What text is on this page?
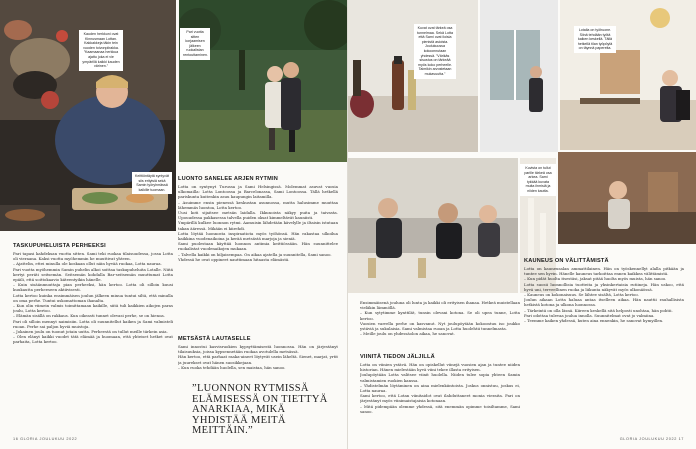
Kauden herkkuni ovat Kinnusmaan Lottan. Kakkakkeja täkin tein vuoden toivonpiirakka. ”Kaamaanaa herkkua ajattu joka ei vie ympärillä kaikki kauden värinen.”
Keittiöntäytä syntyvät siis erityisiä sekä Samin työryhmässä kaikille tuomaan.
Pari vuotta sitten korjaamisen jälkeen ruokalistan rentouttaminen.
TASKUPUHELUISTA PERHEEKSI

Pari tapasi kahdeksan vuotta sitten. Sami teki ruokaa tilaisuudessa, jossa Lotta oli vieraana. Kaksi vuotta myöhemmin he muuttivat yhteen.

– Ajattelin, ettei minulla ole koskaan ollut näin hyvää ruokaa, Lotta nauraa.

Pari vuotta myöhemmin Samin puhelin alkoi soittaa taskupuheluita Lotalle. Niitä kertyi peräti seitsemän. Seitsemän kohdalla Bar-seitsemän muuttumat Lotta epäili, että soittokaavio käteentyikin hänelle.

– Kuin sisäänmuuttaja pian perheeksi, hän kertoo. Lotta oli silloin kuusi kuukautta perheeseen aktiivisesti.

Lotta kertoo kuinka ensimmäisen joulun jälkeen minua tuntui siltä, että minulla on oma perhe. Tuntui uskomattoman ihanalta.

– Kun olin viimein valmis toimittamaan kaikille, siitä tuli kaikkien aikojen paras joulu, Lotta kertoo.

– Elämän sisällä on rakkaus. Kun oikeasti tunnet olevasi perhe, se on hienoa.

Pari oli silloin mennyt naimisiin. Lotta oli suunnitellut kaiken ja Sami valmisteli ruoan. Perhe sai paljon hyviä muistoja.

– Jokainen joulu on tuonut jotain uutta. Perheestä on tullut meille tärkein asia.

– Olen elänyt kaikki vuodet tätä elämää ja huomaan, että yhteiset hetket ovat parhaita, Lotta kertoo.

LUONTO SANELEE ARJEN RYTMIN

Lotta on syntynyt Turussa ja Sami Helsingissä. Molemmat asuvat vuosia ulkomailla: Lotta Lontoossa ja Barcelonassa, Sami Lontoossa. Tällä hetkellä pariskunta kuitenkin asuu kaupungin laitamilla.

– Asuimme ensin pienessä keskustan asunnossa, mutta halusimme muuttaa lähemmäs luontoa, Lotta kertoo.

Uusi koti sijaitsee metsän laidalla. Ikkunoista näkyy puita ja taivasta. Upouudessa pakkasessa talvella puiden oksat kimmeltävät kauniisti.

Ympärillä kulkee luonnon rytmi. Aamuisin lähdetään kävelylle ja iltaisin istutaan takan ääressä. Mikään ei kiirehdi.

Lotta löytää luonnosta inspiraatiota myös työhönsä. Hän rakastaa ulkoilua kaikkina vuodenaikoina ja kerää metsästä marjoja ja sieniä.

Sami puolestaan käyttää luonnon antimia keittiössään. Hän suunnittelee ruokalistat vuodenaikojen mukaan.

– Talvella kaikki on hiljaisempaa. On aikaa ajatella ja suunnitella, Sami sanoo.

Yhdessä he ovat oppineet nauttimaan hitaasta elämästä.

METSÄSTÄ LAUTASELLE

Sami innostui kasvisruokien kypsyttämisestä luonnossa. Hän on järjestänyt tilaisuuksia, joissa kypsennetään ruokaa avotulella metsässä.

Hän kertoo, että parhaat raaka-aineet löytyvät usein läheltä. Sienet, marjat, yrtit ja juurekset ovat hänen suosikkejaan.

– Kun ruoka tehdään huolella, sen maistaa, hän sanoo.

”LUONNON RYTMISSÄ ELÄMISESSÄ ON TIETTYÄ ANARKIAA, MIKÄ YHDISTÄÄ MEITÄ MEITTÄIN.”
16 GLORIA JOULUKUU 2022
Kuvat ovat tärkeä osa tunnelmaa. Sekä Lotta että Sami ovat iloisia pienistä asioista. Joulukuussa kokoonnutaan yhdessä. ”Värikäs sisustus on tärkeää myös koko perheelle. Taimikin arvostetaan mukavuutta.”
Lotalla on työhuone. Siinä tehdään työtä kaiken keskellä. Tällä hetkellä tilan työpöytä on täynnä papereita.
Kuvista on tullut parille tärkeä osa arkea. Sami tykkää kuvata muita ihmisiä ja niiden kautta.

Ensimmäisenä jouluna oli lunta ja kaikki oli erityisen ihanaa. Hetkeä muistellaan vieläkin lämmöllä.

– Kun sytytimme kynttilät, tunsin olevani kotona. Se oli upea tunne, Lotta kertoo.

Vuosien varrella perhe on kasvanut. Nyt joulupöytään kokoontuu iso joukko ystäviä ja sukulaisia. Sami valmistaa ruoan ja Lotta huolehtii tunnelmasta.

– Meille joulu on yhdessäolon aikaa, he sanovat.

VIINITÄ TIEDON JÄLJILLÄ

Lotta on viinien ystävä. Hän on opiskellut viinejä vuosien ajan ja tuntee niiden historian. Hänen mielestään hyvä viini tekee illasta erityisen.

Joulupöytään Lotta valitsee viinit huolella. Niiden tulee sopia yhteen Samin valmistamien ruokien kanssa.

– Yhdistelmän löytäminen on aina mielenkiintoista. Joskus onnistuu, joskus ei, Lotta nauraa.

Sami kertoo, että Lotan viinitaidot ovat ilahduttaneet monia vieraita. Pari on järjestänyt myös viinimaistajaisia kotonaan.

– Mitä pidempään olemme yhdessä, sitä enemmän opimme toisiltamme, Sami sanoo.

KAUNEUS ON VÄLITTÄMISTÄ

Lotta on kauneusalan ammattilainen. Hän on työskennellyt alalla pitkään ja tuntee sen hyvin. Hänelle kauneus tarkoittaa ennen kaikkea välittämistä.

– Kun pidät huolta itsestäsi, jaksat pitää huolta myös muista, hän sanoo.

Lotta suosii luonnollisia tuotteita ja yksinkertaisia rutiineja. Hän uskoo, että hyvä uni, terveellinen ruoka ja liikunta näkyvät myös ulkonäössä.

– Kauneus on kokonaisuus. Se lähtee sisältä, Lotta kertoo.

Joulun aikaan Lotta haluaa antaa itselleen aikaa. Hän nauttii rauhallisista hetkistä kotona ja ulkona luonnossa.

– Tärkeintä on olla läsnä. Kiireen keskellä sitä helposti unohtaa, hän pohtii.

Pari odottaa tulevaa joulua innolla. Suunnitelmat ovat jo valmiina.

– Teemme kaiken yhdessä, kuten aina ennenkin, he sanovat hymyillen.

GLORIA JOULUKUU 2022 17
